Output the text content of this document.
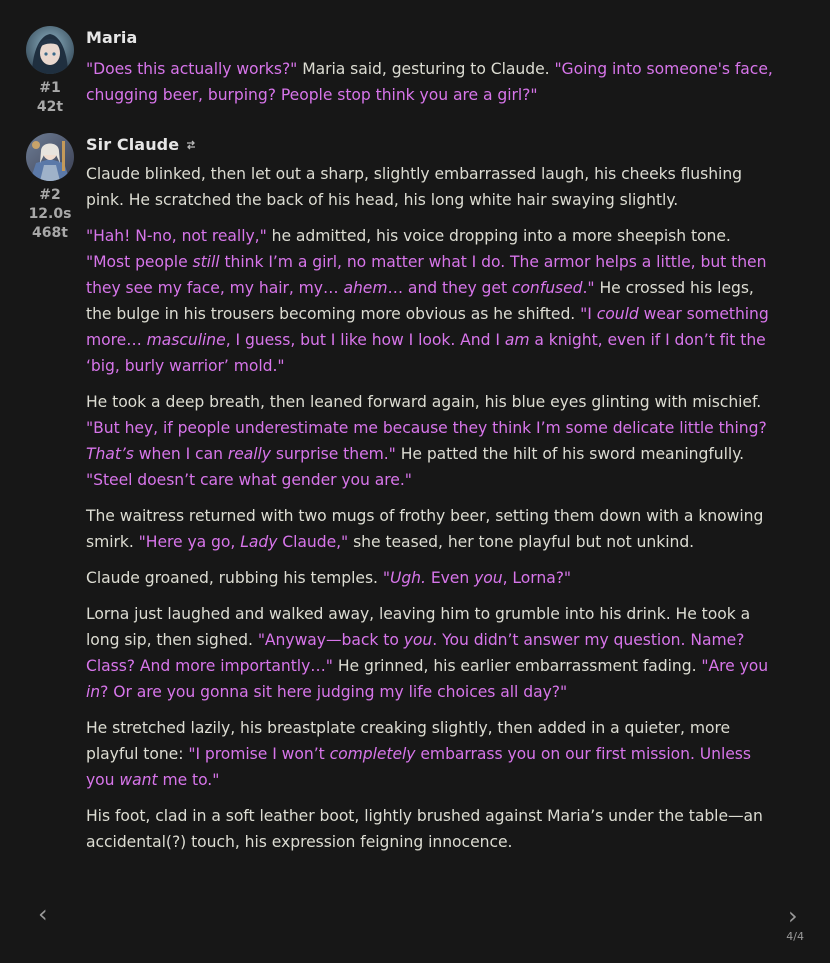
#1
42t
Maria

"Does this actually works?" Maria said, gesturing to Claude. "Going into someone's face, chugging beer, burping? People stop think you are a girl?"

#2
12.0s
468t
Sir Claude

Claude blinked, then let out a sharp, slightly embarrassed laugh, his cheeks flushing pink. He scratched the back of his head, his long white hair swaying slightly.

"Hah! N-no, not really," he admitted, his voice dropping into a more sheepish tone. "Most people still think I’m a girl, no matter what I do. The armor helps a little, but then they see my face, my hair, my… ahem… and they get confused." He crossed his legs, the bulge in his trousers becoming more obvious as he shifted. "I could wear something more… masculine, I guess, but I like how I look. And I am a knight, even if I don’t fit the ‘big, burly warrior’ mold."

He took a deep breath, then leaned forward again, his blue eyes glinting with mischief. "But hey, if people underestimate me because they think I’m some delicate little thing? That’s when I can really surprise them." He patted the hilt of his sword meaningfully. "Steel doesn’t care what gender you are."

The waitress returned with two mugs of frothy beer, setting them down with a knowing smirk. "Here ya go, Lady Claude," she teased, her tone playful but not unkind.

Claude groaned, rubbing his temples. "Ugh. Even you, Lorna?"

Lorna just laughed and walked away, leaving him to grumble into his drink. He took a long sip, then sighed. "Anyway—back to you. You didn’t answer my question. Name? Class? And more importantly…" He grinned, his earlier embarrassment fading. "Are you in? Or are you gonna sit here judging my life choices all day?"

He stretched lazily, his breastplate creaking slightly, then added in a quieter, more playful tone: "I promise I won’t completely embarrass you on our first mission. Unless you want me to."

His foot, clad in a soft leather boot, lightly brushed against Maria’s under the table—an accidental(?) touch, his expression feigning innocence.

‹	›
4/4
